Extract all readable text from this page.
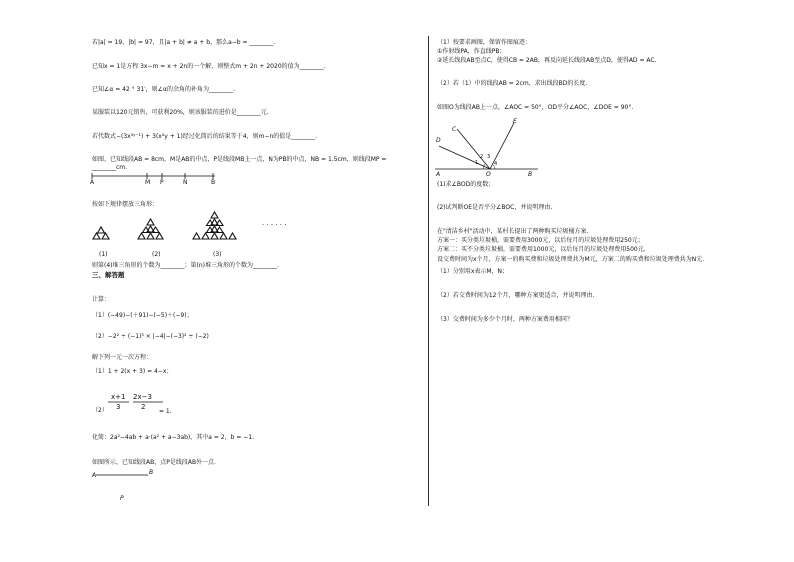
若|a| = 19，|b| = 97，且|a + b| ≠ a + b，那么a−b = ________.
已知x = 1是方程 3x−m = x + 2n的一个解，则整式m + 2n + 2020的值为________.
已知∠α = 42 ° 31′，则∠α的余角的补角为________.
某服装以120元销售，可获利20%，则该服装的进价是________元.
若代数式−(3x³ʸ⁻¹) + 3(x²y + 1)经过化简后的结果等于4，则m−n的值是________.
如图，已知线段AB = 8cm，M是AB的中点，P是线段MB上一点，N为PB的中点，NB = 1.5cm，则线段MP =
________cm.
A	M P	N	B
按如下规律摆放三角形：
· · · · · ·
(1)	(2)	(3)
则第(4)堆三角形的个数为________；第(n)堆三角形的个数为________.
三、解答题
计算：
（1）(−49)−(＋91)−(−5)＋(−9)；
（2）−2² ÷ (−1)³ × |−4|−(−3)² ÷ (−2)
解下列一元一次方程：
（1）1 + 2(x + 3) = 4−x；
（2）
x+1 2x−3
3	2
= 1.
化简：2a²−4ab + a·(a² + a−3ab)，其中a = 2，b = −1.
如图所示，已知线段AB，点P是线段AB外一点.
A	B
P
（1）按要求画图，保留作图痕迹：
①作射线PA，作直线PB；
②延长线段AB至点C，使得CB = 2AB，再反向延长线段AB至点D，使得AD = AC.
（2）若（1）中的线段AB = 2cm，求出线段BD的长度.
如图O为线段AB上一点，∠AOC = 50°，OD平分∠AOC，∠DOE = 90°.
C
D
E
A	O	B
1
2 3
4
(1)求∠BOD的度数；
(2)试判断OE是否平分∠BOC，并说明理由.
在"清洁乡村"活动中，某村长提出了两种购买垃圾桶方案.
方案一：买分类垃圾桶，需要费用3000元，以后每月的垃圾处理费用250元；
方案二：买不分类垃圾桶，需要费用1000元，以后每月的垃圾处理费用500元.
设交费时间为x个月，方案一的购买费和垃圾处理费共为M元，方案二的购买费和垃圾处理费共为N元.
（1）分别用x表示M，N；
（2）若交费时间为12个月，哪种方案更适合，并说明理由.
（3）交费时间为多少个月时，两种方案费用相同？
